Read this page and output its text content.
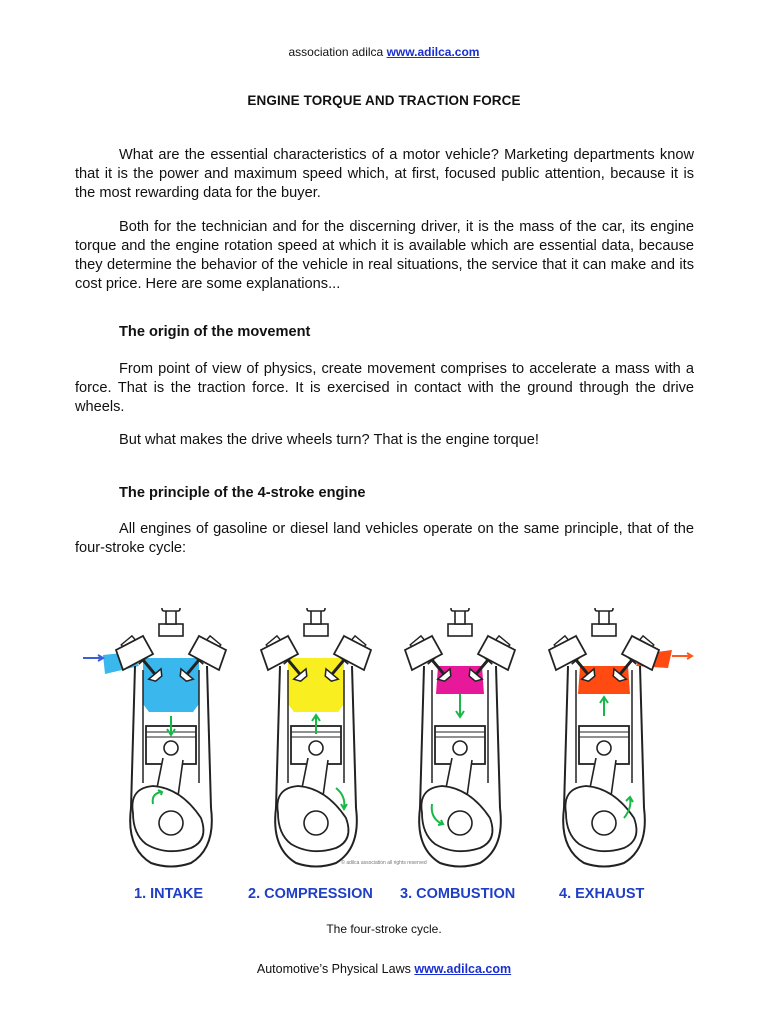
association adilca www.adilca.com
ENGINE TORQUE AND TRACTION FORCE

What are the essential characteristics of a motor vehicle? Marketing departments know that it is the power and maximum speed which, at first, focused public attention, because it is the most rewarding data for the buyer.

Both for the technician and for the discerning driver, it is the mass of the car, its engine torque and the engine rotation speed at which it is available which are essential data, because they determine the behavior of the vehicle in real situations, the service that it can make and its cost price. Here are some explanations...

The origin of the movement

From point of view of physics, create movement comprises to accelerate a mass with a force. That is the traction force. It is exercised in contact with the ground through the drive wheels.

But what makes the drive wheels turn? That is the engine torque!

The principle of the 4-stroke engine

All engines of gasoline or diesel land vehicles operate on the same principle, that of the four-stroke cycle:

© adilca association all rights reserved
1. INTAKE	2. COMPRESSION 3. COMBUSTION	4. EXHAUST
The four-stroke cycle.
Automotive’s Physical Laws www.adilca.com
